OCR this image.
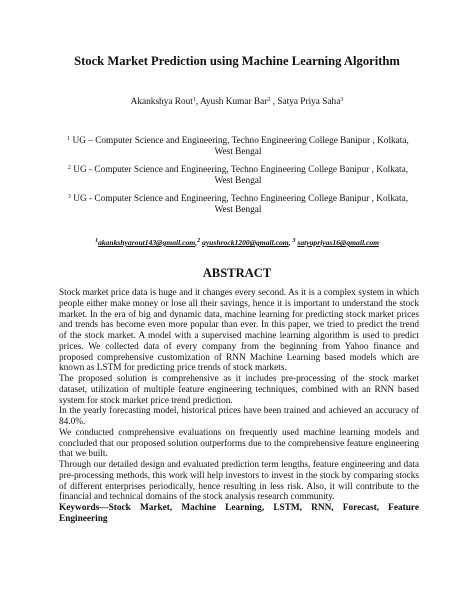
Stock Market Prediction using Machine Learning Algorithm
Akankshya Rout$^1$, Ayush Kumar Bar$^2$ , Satya Priya Saha$^3$
$^1$ UG – Computer Science and Engineering, Techno Engineering College Banipur , Kolkata, West Bengal
$^2$ UG - Computer Science and Engineering, Techno Engineering College Banipur , Kolkata, West Bengal
$^3$ UG - Computer Science and Engineering, Techno Engineering College Banipur , Kolkata, West Bengal
$^1$akankshyarout143@gmail.com,$^2$ ayushrock1200@gmail.com, $^3$ satyapriyas16@gmail.com
ABSTRACT

Stock market price data is huge and it changes every second. As it is a complex system in which people either make money or lose all their savings, hence it is important to understand the stock market. In the era of big and dynamic data, machine learning for predicting stock market prices and trends has become even more popular than ever. In this paper, we tried to predict the trend of the stock market. A model with a supervised machine learning algorithm is used to predict prices. We collected data of every company from the beginning from Yahoo finance and proposed comprehensive customization of RNN Machine Learning based models which are known as LSTM for predicting price trends of stock markets.

The proposed solution is comprehensive as it includes pre-processing of the stock market dataset, utilization of multiple feature engineering techniques, combined with an RNN based system for stock market price trend prediction.

In the yearly forecasting model, historical prices have been trained and achieved an accuracy of 84.0%.

We conducted comprehensive evaluations on frequently used machine learning models and concluded that our proposed solution outperforms due to the comprehensive feature engineering that we built.

Through our detailed design and evaluated prediction term lengths, feature engineering and data pre-processing methods, this work will help investors to invest in the stock by comparing stocks of different enterprises periodically, hence resulting in less risk. Also, it will contribute to the financial and technical domains of the stock analysis research community.

Keywords—Stock Market, Machine Learning, LSTM, RNN, Forecast, Feature Engineering
